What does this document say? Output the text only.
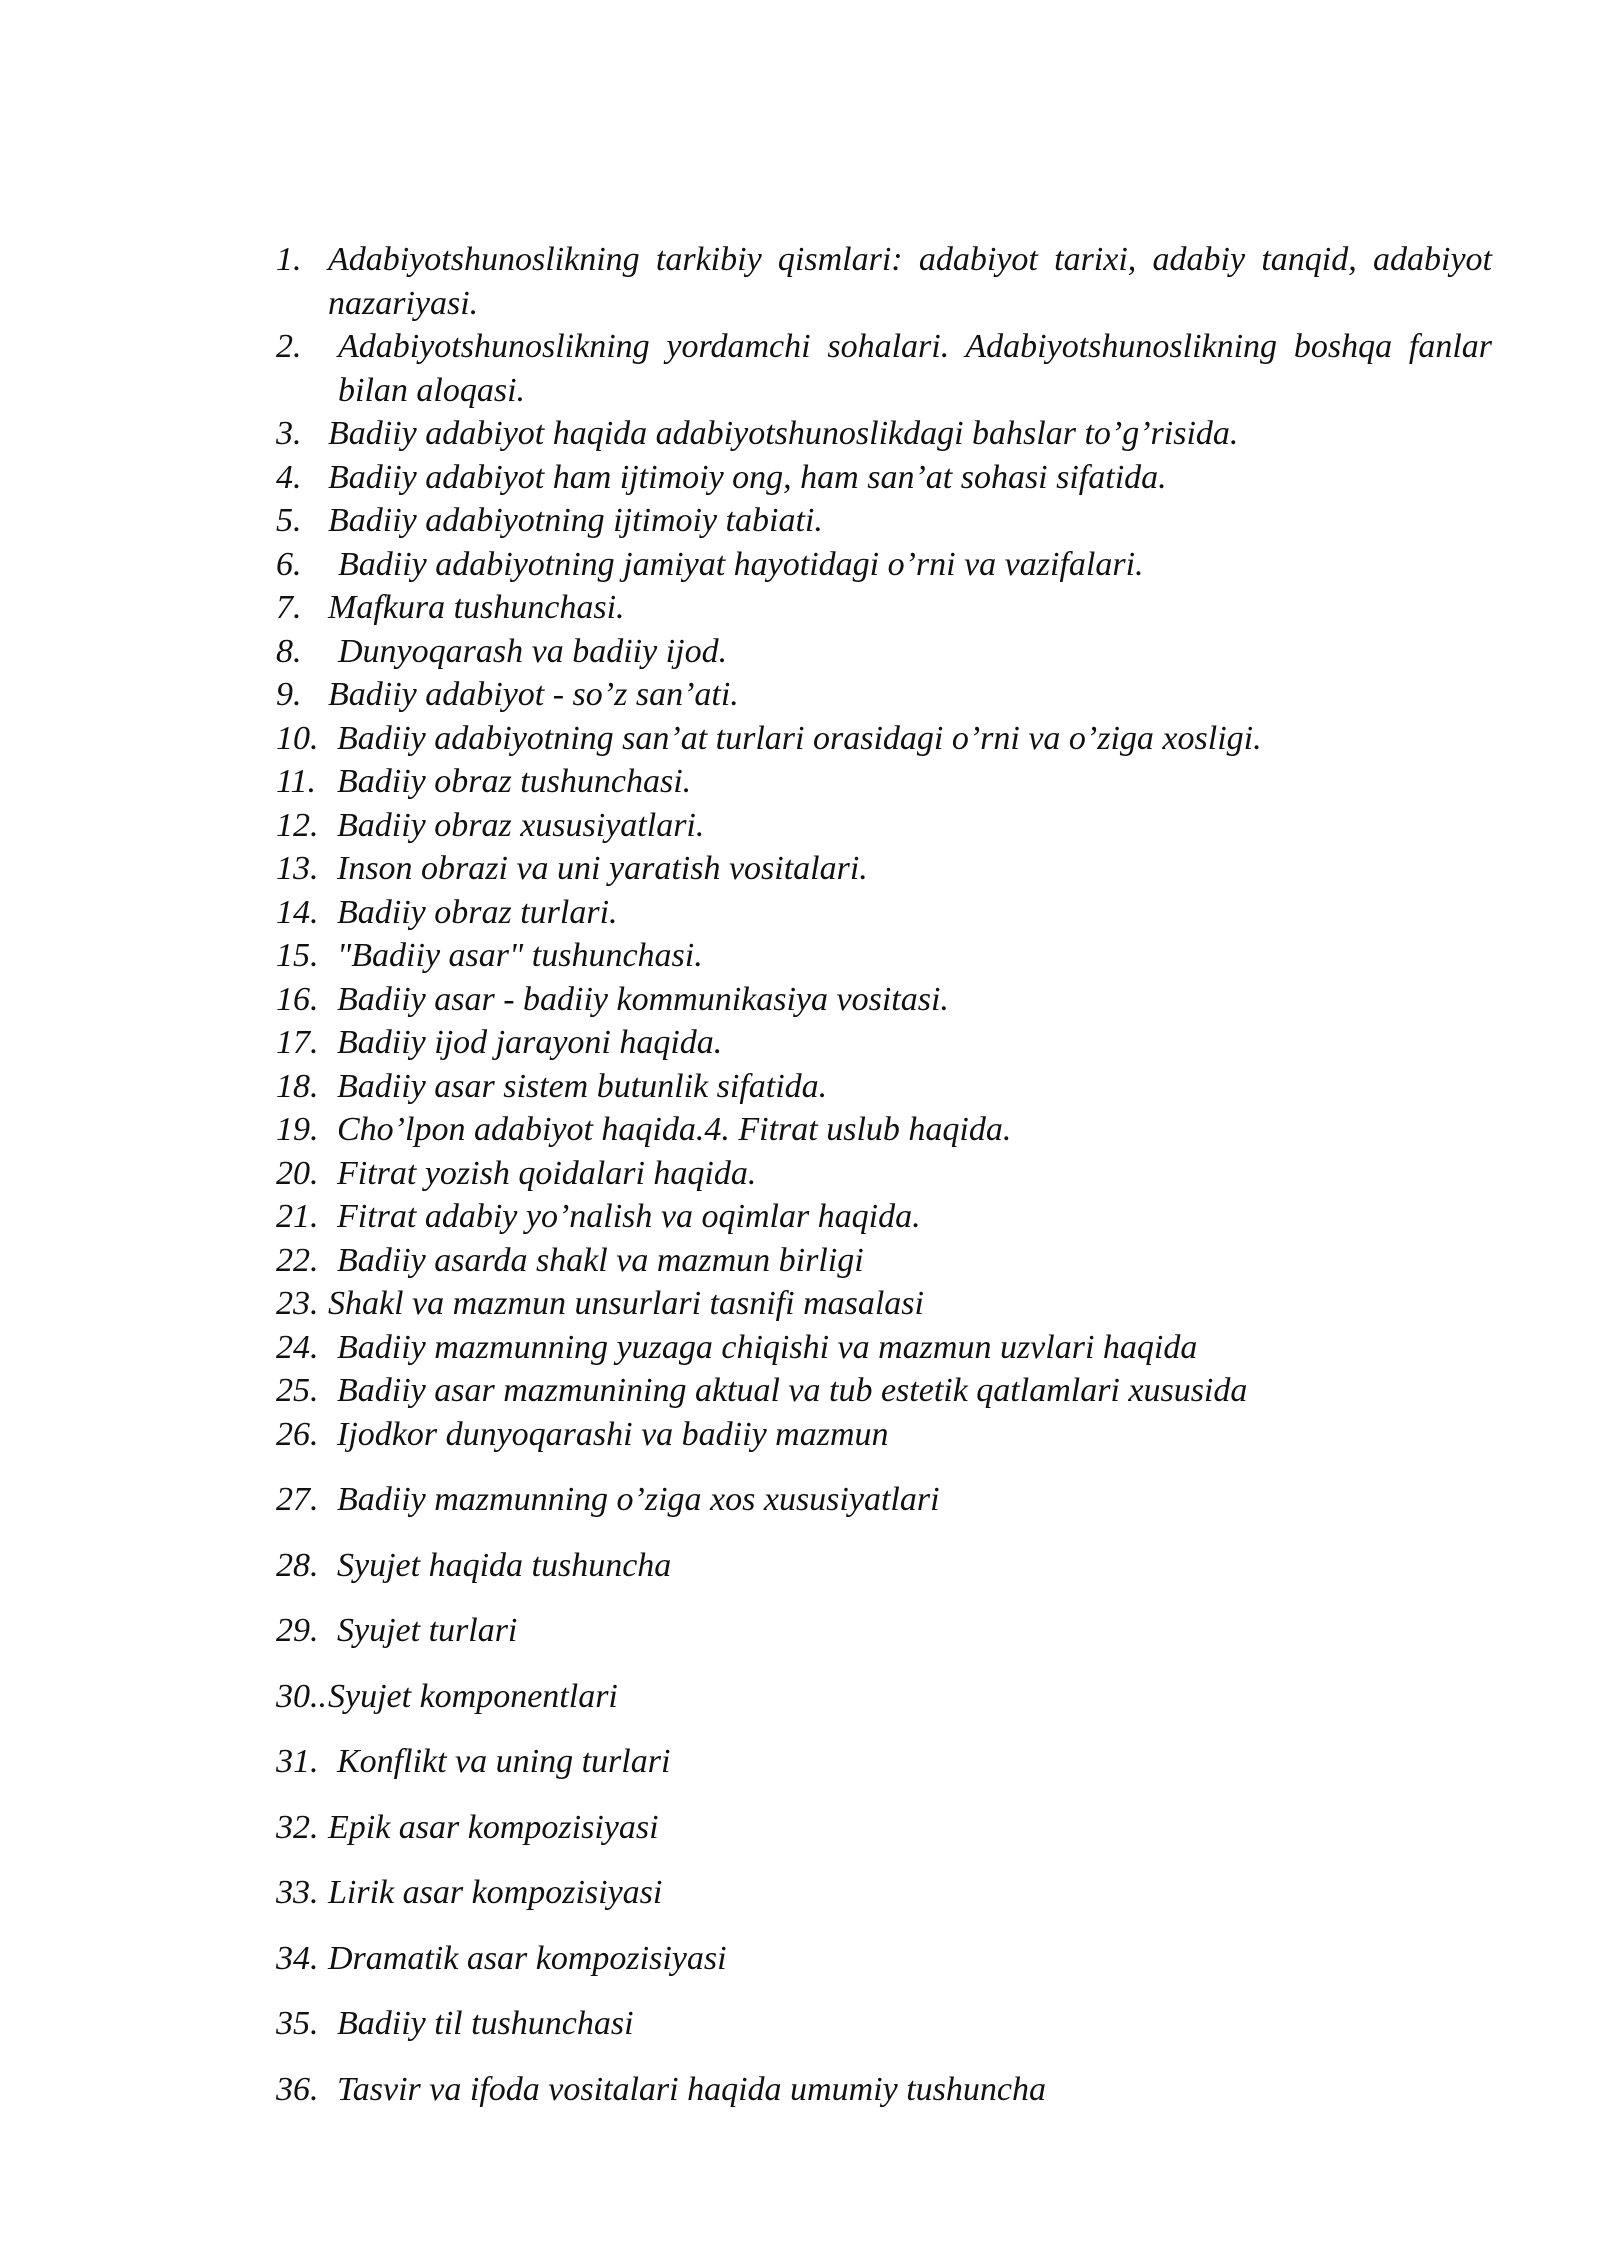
1. Adabiyotshunoslikning tarkibiy qismlari: adabiyot tarixi, adabiy tanqid, adabiyot nazariyasi.
2.	Adabiyotshunoslikning yordamchi sohalari. Adabiyotshunoslikning boshqa fanlar bilan aloqasi.
3. Badiiy adabiyot haqida adabiyotshunoslikdagi bahslar to’g’risida.
4. Badiiy adabiyot ham ijtimoiy ong, ham san’at sohasi sifatida.
5. Badiiy adabiyotning ijtimoiy tabiati.
6.	Badiiy adabiyotning jamiyat hayotidagi o’rni va vazifalari.
7. Mafkura tushunchasi.
8.	Dunyoqarash va badiiy ijod.
9. Badiiy adabiyot - so’z san’ati.
10. Badiiy adabiyotning san’at turlari orasidagi o’rni va o’ziga xosligi.
11. Badiiy obraz tushunchasi.
12. Badiiy obraz xususiyatlari.
13. Inson obrazi va uni yaratish vositalari.
14. Badiiy obraz turlari.
15. "Badiiy asar" tushunchasi.
16. Badiiy asar - badiiy kommunikasiya vositasi.
17. Badiiy ijod jarayoni haqida.
18. Badiiy asar sistem butunlik sifatida.
19. Cho’lpon adabiyot haqida.4. Fitrat uslub haqida.
20. Fitrat yozish qoidalari haqida.
21. Fitrat adabiy yo’nalish va oqimlar haqida.
22. Badiiy asarda shakl va mazmun birligi
23. Shakl va mazmun unsurlari tasnifi masalasi
24. Badiiy mazmunning yuzaga chiqishi va mazmun uzvlari haqida
25. Badiiy asar mazmunining aktual va tub estetik qatlamlari xususida
26. Ijodkor dunyoqarashi va badiiy mazmun
27. Badiiy mazmunning o’ziga xos xususiyatlari
28. Syujet haqida tushuncha
29. Syujet turlari
30.. Syujet komponentlari
31. Konflikt va uning turlari
32. Epik asar kompozisiyasi
33. Lirik asar kompozisiyasi
34. Dramatik asar kompozisiyasi
35. Badiiy til tushunchasi
36. Tasvir va ifoda vositalari haqida umumiy tushuncha
